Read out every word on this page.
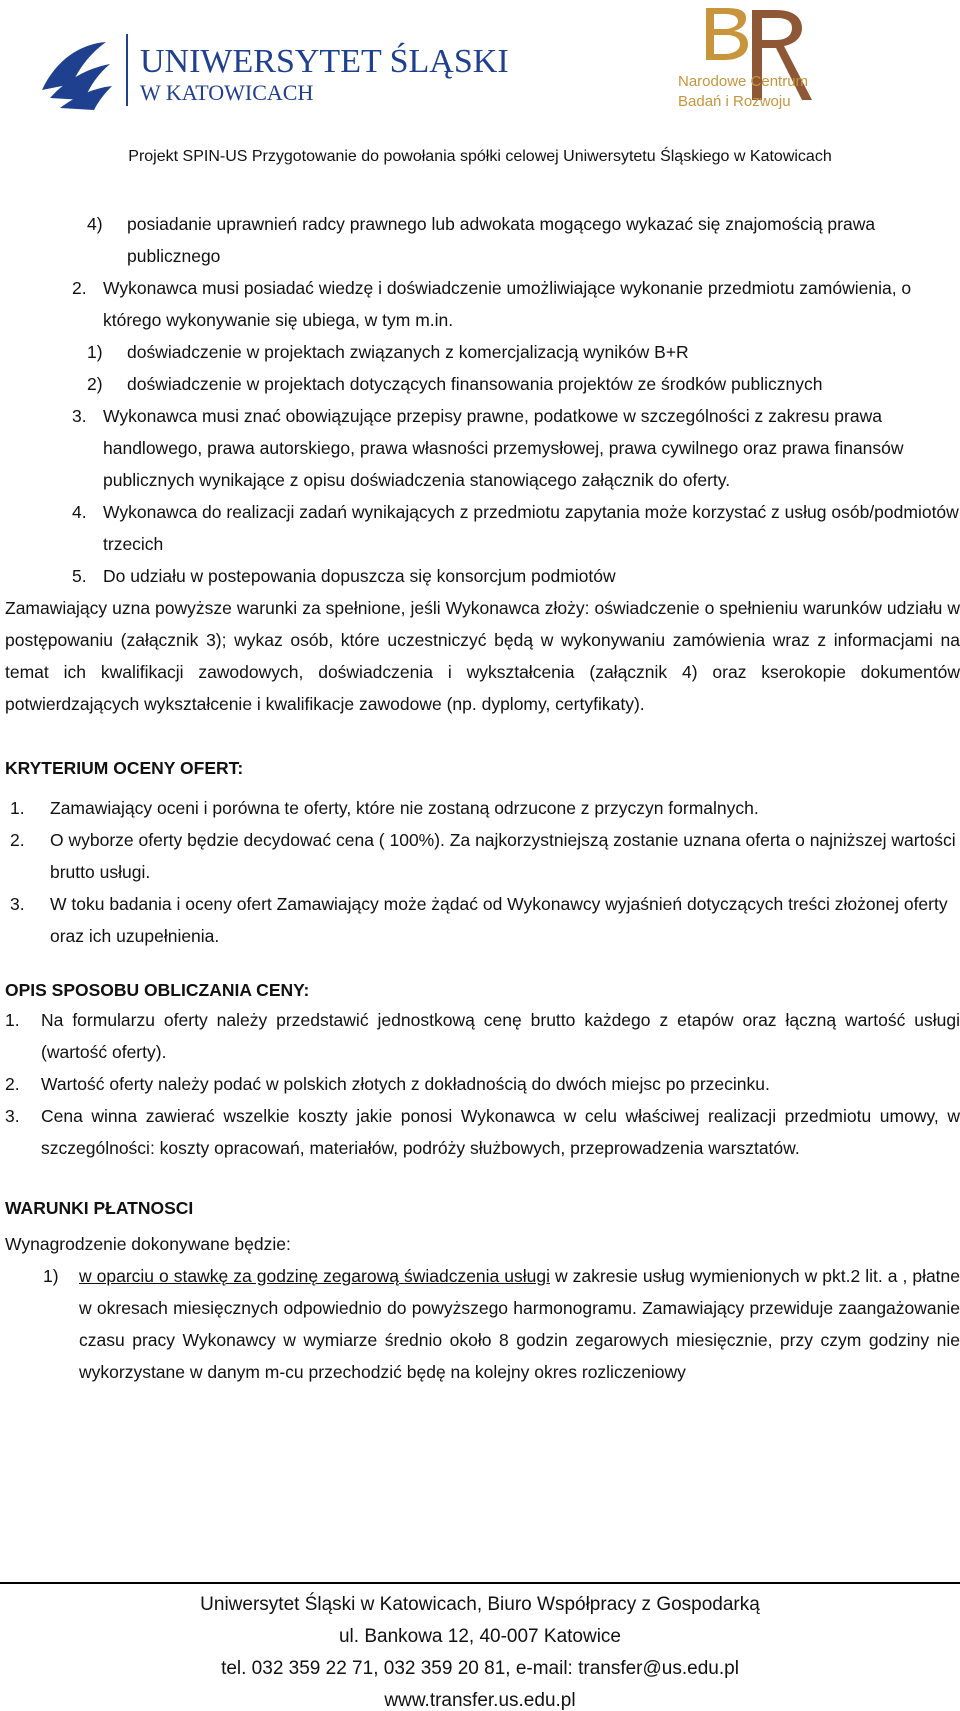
UNIWERSYTET ŚLĄSKI
W KATOWICACH	Narodowe Centrum
Badań i Rozwoju
Projekt SPIN-US Przygotowanie do powołania spółki celowej Uniwersytetu Śląskiego w Katowicach
4)	posiadanie uprawnień radcy prawnego lub adwokata mogącego wykazać się znajomością prawa publicznego
2. Wykonawca musi posiadać wiedzę i doświadczenie umożliwiające wykonanie przedmiotu zamówienia, o którego wykonywanie się ubiega, w tym m.in.
1)	doświadczenie w projektach związanych z komercjalizacją wyników B+R
2)	doświadczenie w projektach dotyczących finansowania projektów ze środków publicznych
3. Wykonawca musi znać obowiązujące przepisy prawne, podatkowe w szczególności z zakresu prawa handlowego, prawa autorskiego, prawa własności przemysłowej, prawa cywilnego oraz prawa finansów publicznych wynikające z opisu doświadczenia stanowiącego załącznik do oferty.
4. Wykonawca do realizacji zadań wynikających z przedmiotu zapytania może korzystać z usług osób/podmiotów trzecich
5. Do udziału w postepowania dopuszcza się konsorcjum podmiotów

Zamawiający uzna powyższe warunki za spełnione, jeśli Wykonawca złoży: oświadczenie o spełnieniu warunków udziału w postępowaniu (załącznik 3); wykaz osób, które uczestniczyć będą w wykonywaniu zamówienia wraz z informacjami na temat ich kwalifikacji zawodowych, doświadczenia i wykształcenia (załącznik 4) oraz kserokopie dokumentów potwierdzających wykształcenie i kwalifikacje zawodowe (np. dyplomy, certyfikaty).

KRYTERIUM OCENY OFERT:

1.	Zamawiający oceni i porówna te oferty, które nie zostaną odrzucone z przyczyn formalnych.
2.	O wyborze oferty będzie decydować cena ( 100%). Za najkorzystniejszą zostanie uznana oferta o najniższej wartości brutto usługi.
3.	W toku badania i oceny ofert Zamawiający może żądać od Wykonawcy wyjaśnień dotyczących treści złożonej oferty oraz ich uzupełnienia.

OPIS SPOSOBU OBLICZANIA CENY:

1.	Na formularzu oferty należy przedstawić jednostkową cenę brutto każdego z etapów oraz łączną wartość usługi (wartość oferty).
2.	Wartość oferty należy podać w polskich złotych z dokładnością do dwóch miejsc po przecinku.
3.	Cena winna zawierać wszelkie koszty jakie ponosi Wykonawca w celu właściwej realizacji przedmiotu umowy, w szczególności: koszty opracowań, materiałów, podróży służbowych, przeprowadzenia warsztatów.

WARUNKI PŁATNOSCI

Wynagrodzenie dokonywane będzie:

1)	w oparciu o stawkę za godzinę zegarową świadczenia usługi w zakresie usług wymienionych w pkt.2 lit. a , płatne w okresach miesięcznych odpowiednio do powyższego harmonogramu. Zamawiający przewiduje zaangażowanie czasu pracy Wykonawcy w wymiarze średnio około 8 godzin zegarowych miesięcznie, przy czym godziny nie wykorzystane w danym m-cu przechodzić będę na kolejny okres rozliczeniowy
Uniwersytet Śląski w Katowicach, Biuro Współpracy z Gospodarką
ul. Bankowa 12, 40-007 Katowice
tel. 032 359 22 71, 032 359 20 81, e-mail: transfer@us.edu.pl
www.transfer.us.edu.pl
